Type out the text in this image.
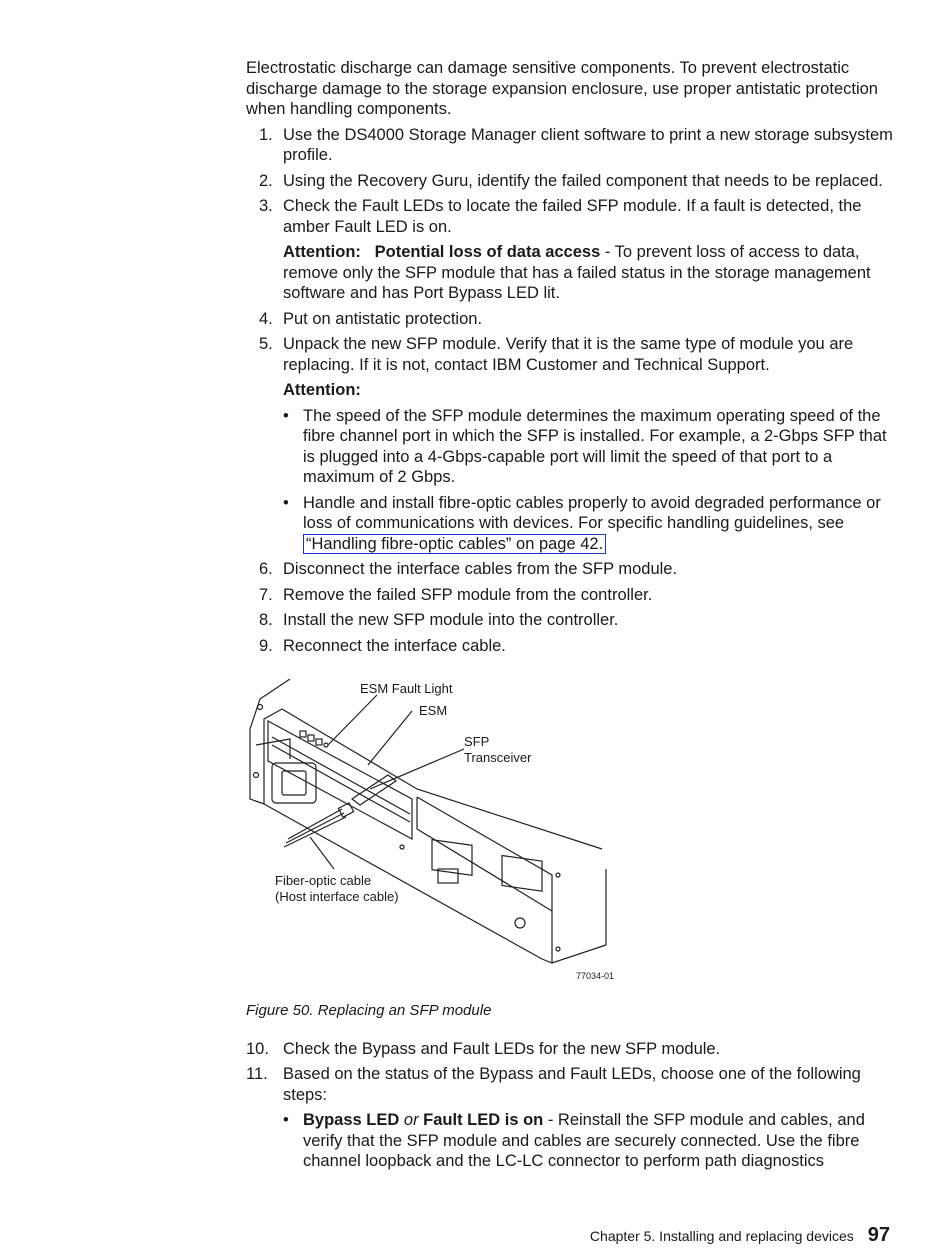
Electrostatic discharge can damage sensitive components. To prevent electrostatic discharge damage to the storage expansion enclosure, use proper antistatic protection when handling components.

1. Use the DS4000 Storage Manager client software to print a new storage subsystem profile.
2. Using the Recovery Guru, identify the failed component that needs to be replaced.
3. Check the Fault LEDs to locate the failed SFP module. If a fault is detected, the amber Fault LED is on.

Attention: Potential loss of data access - To prevent loss of access to data, remove only the SFP module that has a failed status in the storage management software and has Port Bypass LED lit.

4. Put on antistatic protection.
5. Unpack the new SFP module. Verify that it is the same type of module you are replacing. If it is not, contact IBM Customer and Technical Support.

Attention:

• The speed of the SFP module determines the maximum operating speed of the fibre channel port in which the SFP is installed. For example, a 2-Gbps SFP that is plugged into a 4-Gbps-capable port will limit the speed of that port to a maximum of 2 Gbps.
• Handle and install fibre-optic cables properly to avoid degraded performance or loss of communications with devices. For specific handling guidelines, see “Handling fibre-optic cables” on page 42.
6. Disconnect the interface cables from the SFP module.
7. Remove the failed SFP module from the controller.
8. Install the new SFP module into the controller.
9. Reconnect the interface cable.
ESM Fault Light
ESM
SFP
Transceiver
Fiber-optic cable
(Host interface cable)
77034-01

Figure 50. Replacing an SFP module

10. Check the Bypass and Fault LEDs for the new SFP module.
11. Based on the status of the Bypass and Fault LEDs, choose one of the following steps:
• Bypass LED or Fault LED is on - Reinstall the SFP module and cables, and verify that the SFP module and cables are securely connected. Use the fibre channel loopback and the LC-LC connector to perform path diagnostics
Chapter 5. Installing and replacing devices 97
